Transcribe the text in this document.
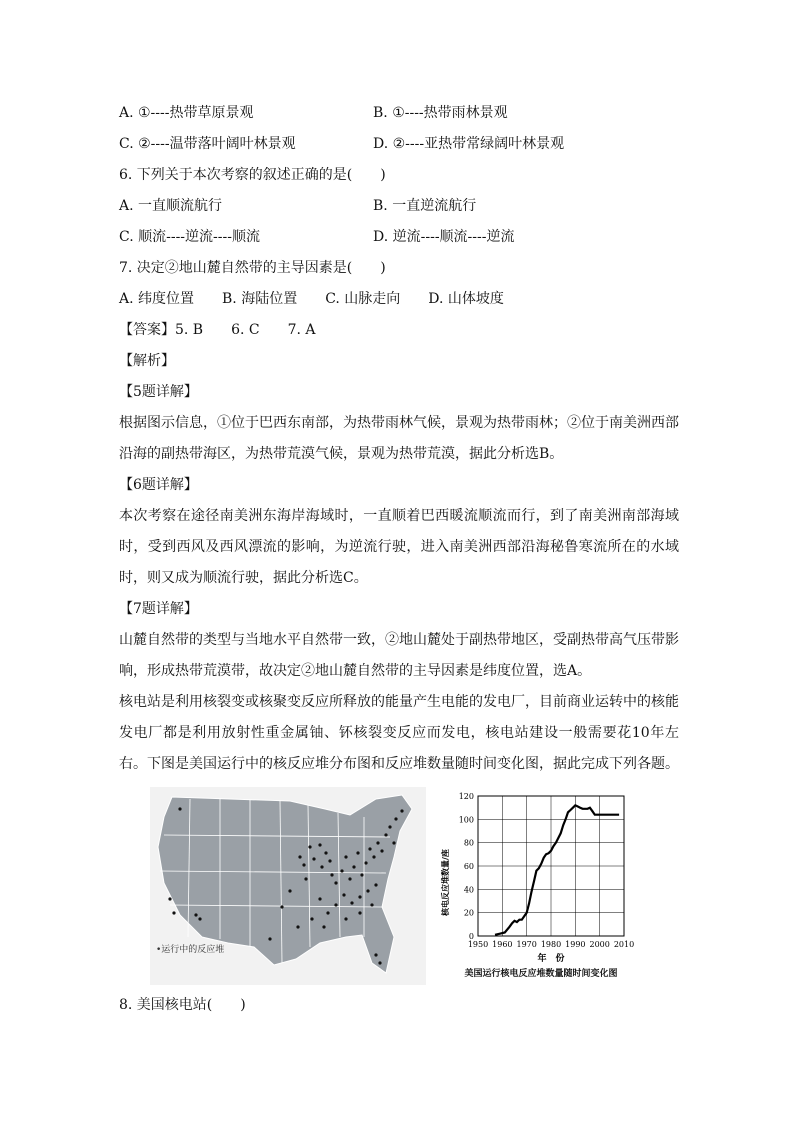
A. ①----热带草原景观	B. ①----热带雨林景观
C. ②----温带落叶阔叶林景观	D. ②----亚热带常绿阔叶林景观
6. 下列关于本次考察的叙述正确的是(　　)
A. 一直顺流航行	B. 一直逆流航行
C. 顺流----逆流----顺流	D. 逆流----顺流----逆流
7. 决定②地山麓自然带的主导因素是(　　)
A. 纬度位置　　B. 海陆位置　　C. 山脉走向　　D. 山体坡度
【答案】5. B　　6. C　　7. A
【解析】
【5题详解】
根据图示信息，①位于巴西东南部，为热带雨林气候，景观为热带雨林；②位于南美洲西部沿海的副热带海区，为热带荒漠气候，景观为热带荒漠，据此分析选B。
【6题详解】
本次考察在途径南美洲东海岸海域时，一直顺着巴西暖流顺流而行，到了南美洲南部海域时，受到西风及西风漂流的影响，为逆流行驶，进入南美洲西部沿海秘鲁寒流所在的水域时，则又成为顺流行驶，据此分析选C。
【7题详解】
山麓自然带的类型与当地水平自然带一致，②地山麓处于副热带地区，受副热带高气压带影响，形成热带荒漠带，故决定②地山麓自然带的主导因素是纬度位置，选A。
核电站是利用核裂变或核聚变反应所释放的能量产生电能的发电厂，目前商业运转中的核能发电厂都是利用放射性重金属铀、钚核裂变反应而发电，核电站建设一般需要花10年左右。下图是美国运行中的核反应堆分布图和反应堆数量随时间变化图，据此完成下列各题。
•运行中的反应堆
0
20
40
60
80
100
120
1950 1960 1970 1980 1990 2000 2010
核电反应堆数量/座
年　份
美国运行核电反应堆数量随时间变化图
8. 美国核电站(　　)
